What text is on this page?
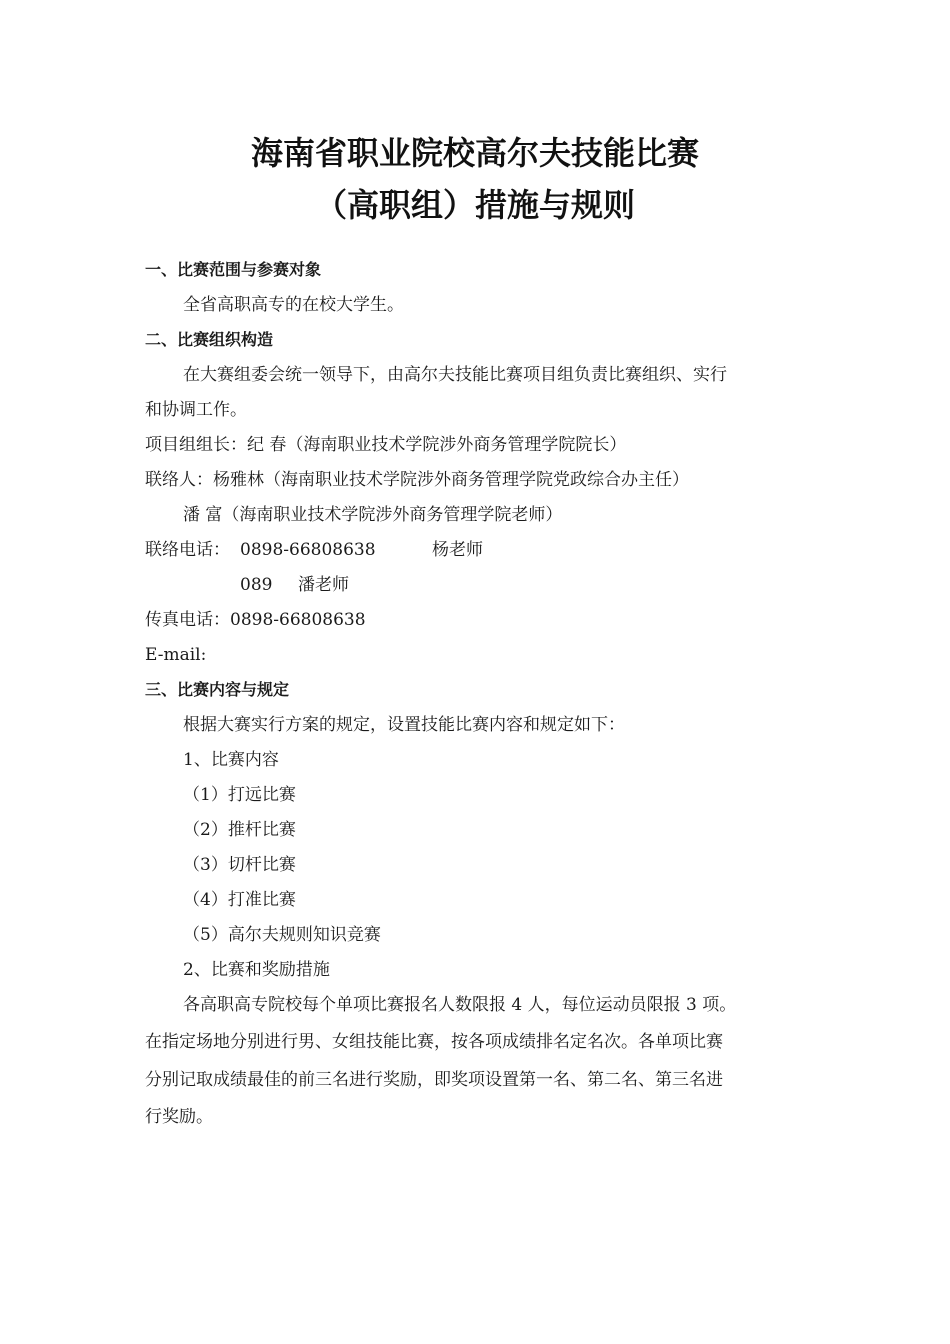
海南省职业院校高尔夫技能比赛
（高职组）措施与规则
一、比赛范围与参赛对象
全省高职高专的在校大学生。
二、比赛组织构造
在大赛组委会统一领导下，由高尔夫技能比赛项目组负责比赛组织、实行
和协调工作。
项目组组长：纪 春（海南职业技术学院涉外商务管理学院院长）
联络人：杨雅林（海南职业技术学院涉外商务管理学院党政综合办主任）
潘 富（海南职业技术学院涉外商务管理学院老师）
联络电话： 0898-66808638	杨老师
089 潘老师
传真电话：0898-66808638
E-mail:
三、比赛内容与规定
根据大赛实行方案的规定，设置技能比赛内容和规定如下：
1、比赛内容
（1）打远比赛
（2）推杆比赛
（3）切杆比赛
（4）打准比赛
（5）高尔夫规则知识竞赛
2、比赛和奖励措施
各高职高专院校每个单项比赛报名人数限报 4 人，每位运动员限报 3 项。
在指定场地分别进行男、女组技能比赛，按各项成绩排名定名次。各单项比赛
分别记取成绩最佳的前三名进行奖励，即奖项设置第一名、第二名、第三名进
行奖励。
